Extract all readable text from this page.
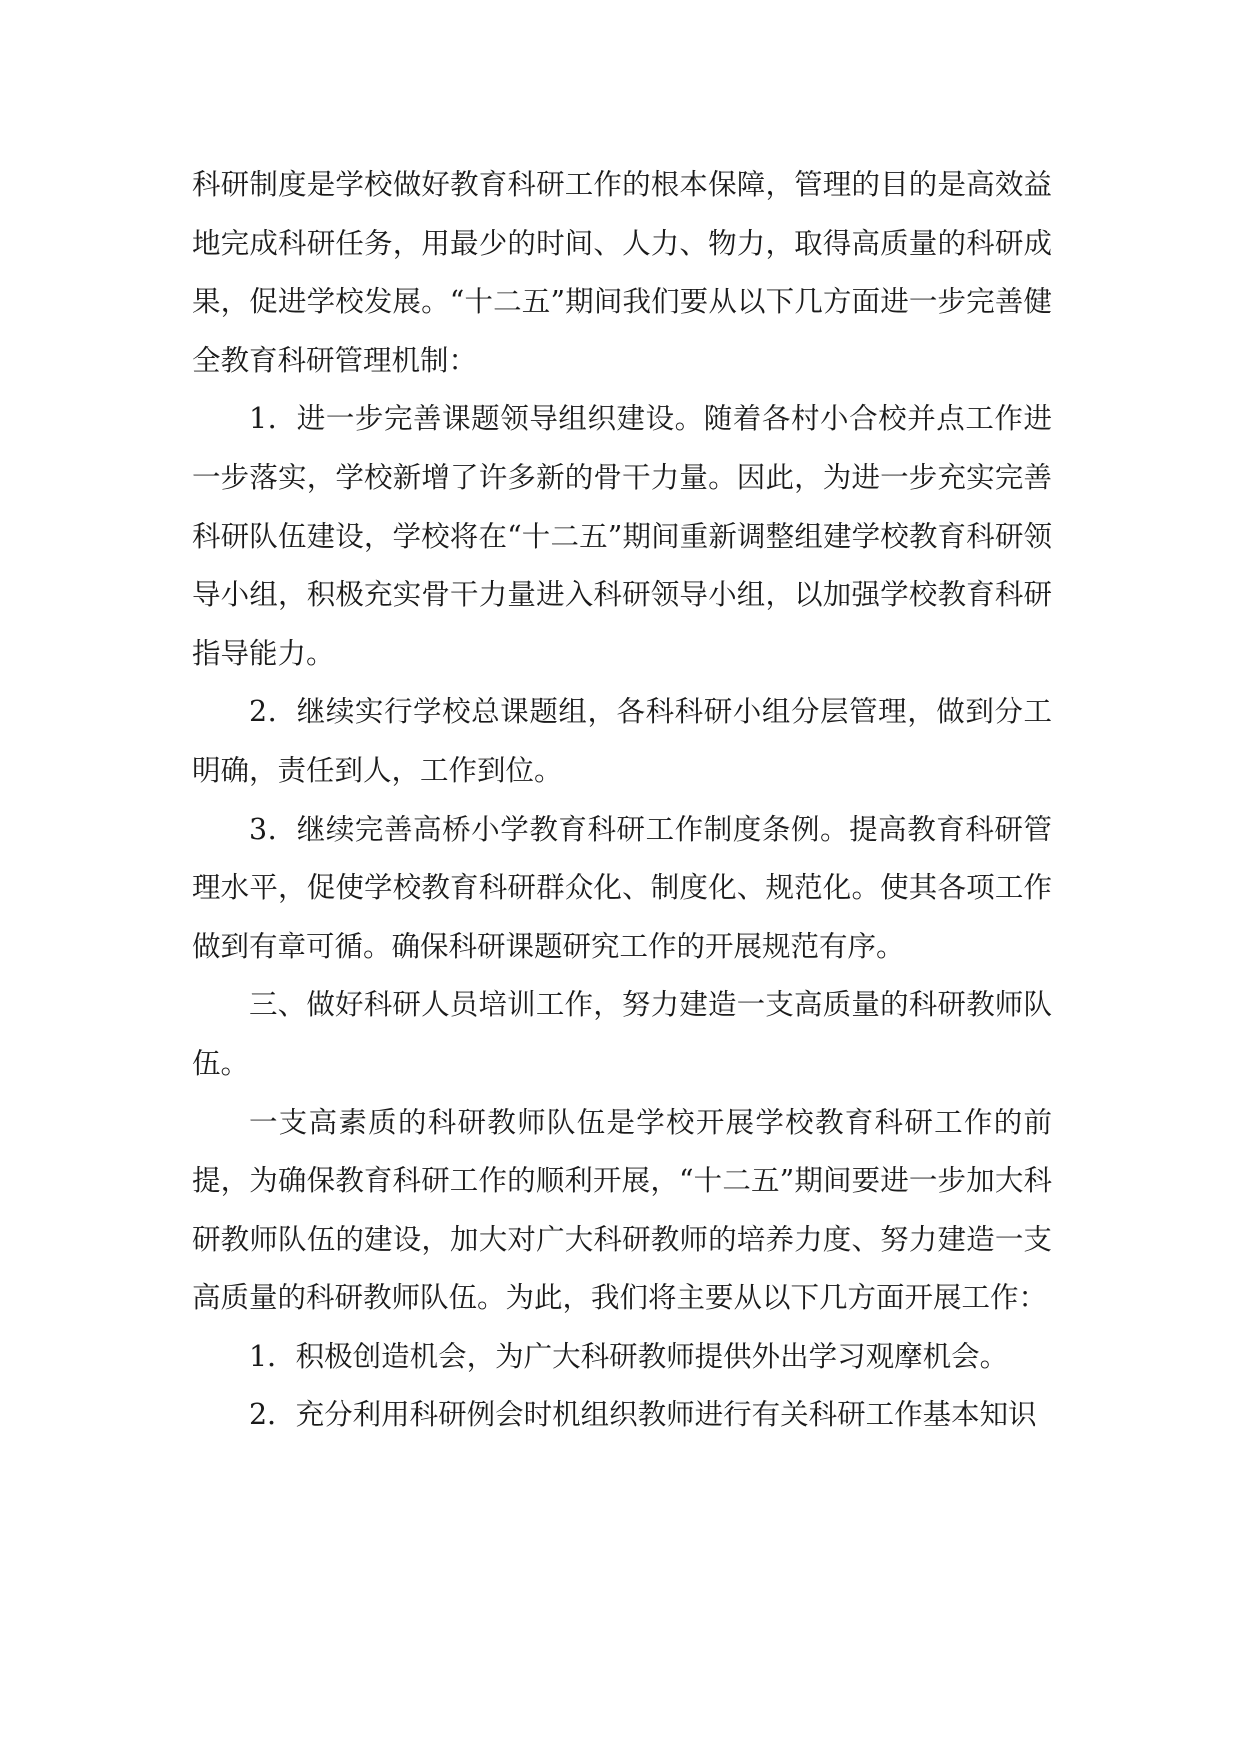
科研制度是学校做好教育科研工作的根本保障，管理的目的是高效益地完成科研任务，用最少的时间、人力、物力，取得高质量的科研成果，促进学校发展。“十二五”期间我们要从以下几方面进一步完善健全教育科研管理机制：

1．进一步完善课题领导组织建设。随着各村小合校并点工作进一步落实，学校新增了许多新的骨干力量。因此，为进一步充实完善科研队伍建设，学校将在“十二五”期间重新调整组建学校教育科研领导小组，积极充实骨干力量进入科研领导小组，以加强学校教育科研指导能力。

2．继续实行学校总课题组，各科科研小组分层管理，做到分工明确，责任到人，工作到位。

3．继续完善高桥小学教育科研工作制度条例。提高教育科研管理水平，促使学校教育科研群众化、制度化、规范化。使其各项工作做到有章可循。确保科研课题研究工作的开展规范有序。

三、做好科研人员培训工作，努力建造一支高质量的科研教师队伍。

一支高素质的科研教师队伍是学校开展学校教育科研工作的前提，为确保教育科研工作的顺利开展，“十二五”期间要进一步加大科研教师队伍的建设，加大对广大科研教师的培养力度、努力建造一支高质量的科研教师队伍。为此，我们将主要从以下几方面开展工作：

1．积极创造机会，为广大科研教师提供外出学习观摩机会。

2．充分利用科研例会时机组织教师进行有关科研工作基本知识
